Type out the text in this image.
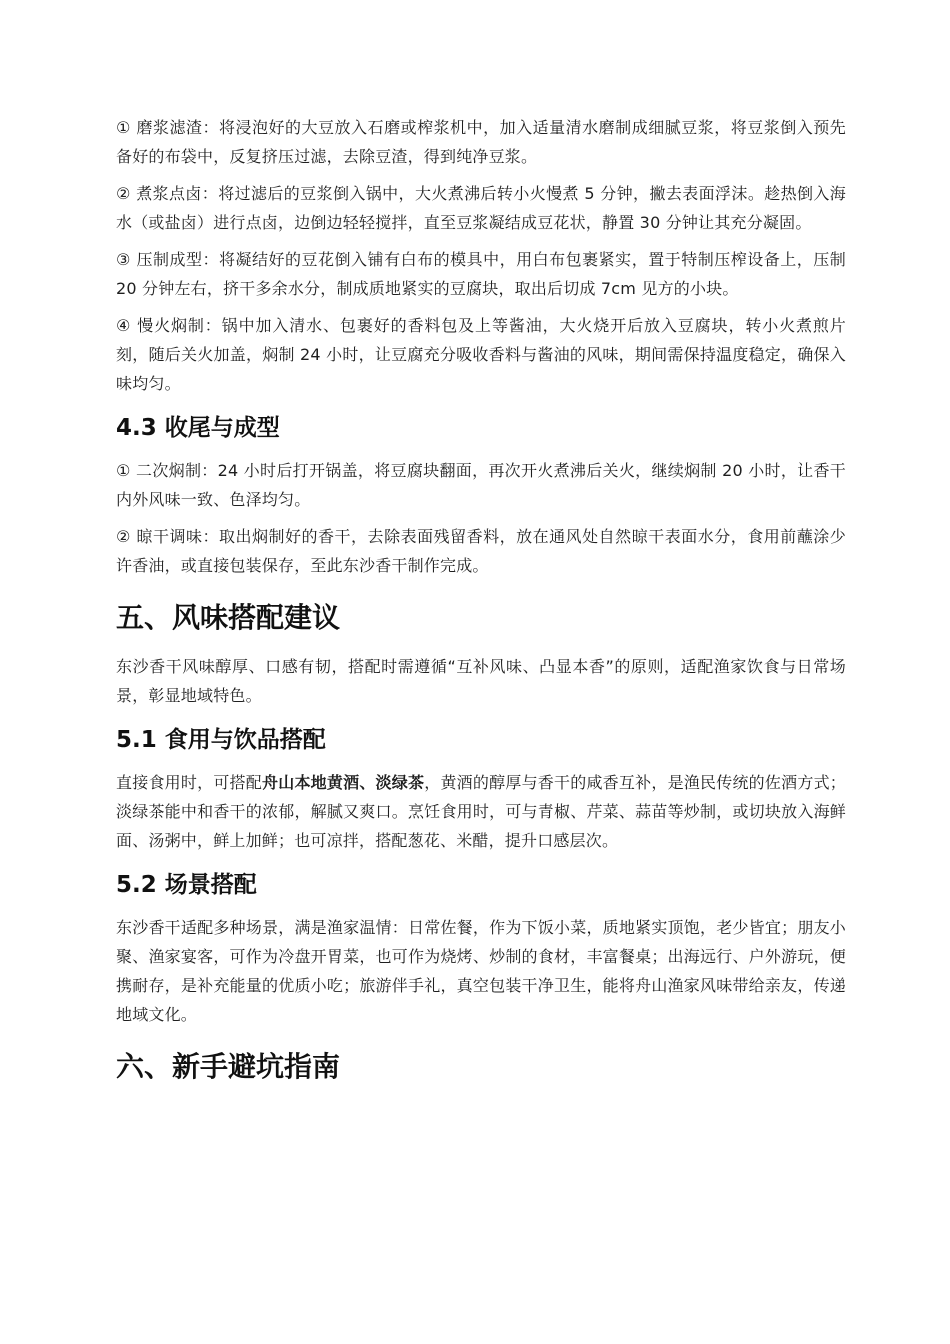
① 磨浆滤渣：将浸泡好的大豆放入石磨或榨浆机中，加入适量清水磨制成细腻豆浆，将豆浆倒入预先备好的布袋中，反复挤压过滤，去除豆渣，得到纯净豆浆。

② 煮浆点卤：将过滤后的豆浆倒入锅中，大火煮沸后转小火慢煮 5 分钟，撇去表面浮沫。趁热倒入海水（或盐卤）进行点卤，边倒边轻轻搅拌，直至豆浆凝结成豆花状，静置 30 分钟让其充分凝固。

③ 压制成型：将凝结好的豆花倒入铺有白布的模具中，用白布包裹紧实，置于特制压榨设备上，压制 20 分钟左右，挤干多余水分，制成质地紧实的豆腐块，取出后切成 7cm 见方的小块。

④ 慢火焖制：锅中加入清水、包裹好的香料包及上等酱油，大火烧开后放入豆腐块，转小火煮煎片刻，随后关火加盖，焖制 24 小时，让豆腐充分吸收香料与酱油的风味，期间需保持温度稳定，确保入味均匀。

4.3 收尾与成型

① 二次焖制：24 小时后打开锅盖，将豆腐块翻面，再次开火煮沸后关火，继续焖制 20 小时，让香干内外风味一致、色泽均匀。

② 晾干调味：取出焖制好的香干，去除表面残留香料，放在通风处自然晾干表面水分，食用前蘸涂少许香油，或直接包装保存，至此东沙香干制作完成。

五、风味搭配建议

东沙香干风味醇厚、口感有韧，搭配时需遵循“互补风味、凸显本香”的原则，适配渔家饮食与日常场景，彰显地域特色。

5.1 食用与饮品搭配

直接食用时，可搭配舟山本地黄酒、淡绿茶，黄酒的醇厚与香干的咸香互补，是渔民传统的佐酒方式；淡绿茶能中和香干的浓郁，解腻又爽口。烹饪食用时，可与青椒、芹菜、蒜苗等炒制，或切块放入海鲜面、汤粥中，鲜上加鲜；也可凉拌，搭配葱花、米醋，提升口感层次。

5.2 场景搭配

东沙香干适配多种场景，满是渔家温情：日常佐餐，作为下饭小菜，质地紧实顶饱，老少皆宜；朋友小聚、渔家宴客，可作为冷盘开胃菜，也可作为烧烤、炒制的食材，丰富餐桌；出海远行、户外游玩，便携耐存，是补充能量的优质小吃；旅游伴手礼，真空包装干净卫生，能将舟山渔家风味带给亲友，传递地域文化。

六、新手避坑指南
